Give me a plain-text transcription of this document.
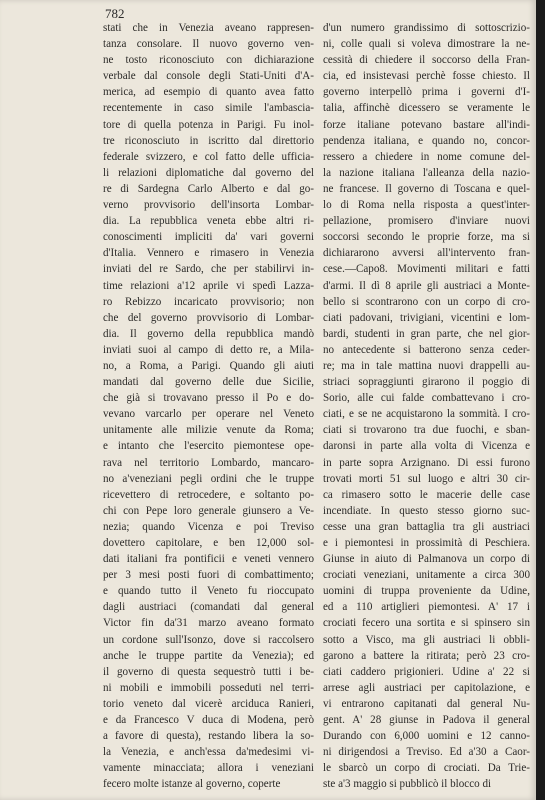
782
stati che in Venezia aveano rappresen-
tanza consolare. Il nuovo governo ven-
ne tosto riconosciuto con dichiarazione
verbale dal console degli Stati-Uniti d'A-
merica, ad esempio di quanto avea fatto
recentemente in caso simile l'ambascia-
tore di quella potenza in Parigi. Fu inol-
tre riconosciuto in iscritto dal direttorio
federale svizzero, e col fatto delle ufficia-
li relazioni diplomatiche dal governo del
re di Sardegna Carlo Alberto e dal go-
verno provvisorio dell'insorta Lombar-
dia. La repubblica veneta ebbe altri ri-
conoscimenti impliciti da' vari governi
d'Italia. Vennero e rimasero in Venezia
inviati del re Sardo, che per stabilirvi in-
time relazioni a'12 aprile vi spedì Lazza-
ro Rebizzo incaricato provvisorio; non
che del governo provvisorio di Lombar-
dia. Il governo della repubblica mandò
inviati suoi al campo di detto re, a Mila-
no, a Roma, a Parigi. Quando gli aiuti
mandati dal governo delle due Sicilie,
che già si trovavano presso il Po e do-
vevano varcarlo per operare nel Veneto
unitamente alle milizie venute da Roma;
e intanto che l'esercito piemontese ope-
rava nel territorio Lombardo, mancaro-
no a'veneziani pegli ordini che le truppe
ricevettero di retrocedere, e soltanto po-
chi con Pepe loro generale giunsero a Ve-
nezia; quando Vicenza e poi Treviso
dovettero capitolare, e ben 12,000 sol-
dati italiani fra pontificii e veneti vennero
per 3 mesi posti fuori di combattimento;
e quando tutto il Veneto fu rioccupato
dagli austriaci (comandati dal general
Victor fin da'31 marzo aveano formato
un cordone sull'Isonzo, dove si raccolsero
anche le truppe partite da Venezia); ed
il governo di questa sequestrò tutti i be-
ni mobili e immobili posseduti nel terri-
torio veneto dal vicerè arciduca Ranieri,
e da Francesco V duca di Modena, però
a favore di questa), restando libera la so-
la Venezia, e anch'essa da'medesimi vi-
vamente minacciata; allora i veneziani
fecero molte istanze al governo, coperte
d'un numero grandissimo di sottoscrizio-
ni, colle quali si voleva dimostrare la ne-
cessità di chiedere il soccorso della Fran-
cia, ed insistevasi perchè fosse chiesto. Il
governo interpellò prima i governi d'I-
talia, affinchè dicessero se veramente le
forze italiane potevano bastare all'indi-
pendenza italiana, e quando no, concor-
ressero a chiedere in nome comune del-
la nazione italiana l'alleanza della nazio-
ne francese. Il governo di Toscana e quel-
lo di Roma nella risposta a quest'inter-
pellazione, promisero d'inviare nuovi
soccorsi secondo le proprie forze, ma si
dichiararono avversi all'intervento fran-
cese.—Capo8. Movimenti militari e fatti
d'armi. Il dì 8 aprile gli austriaci a Monte-
bello si scontrarono con un corpo di cro-
ciati padovani, trivigiani, vicentini e lom-
bardi, studenti in gran parte, che nel gior-
no antecedente si batterono senza ceder-
re; ma in tale mattina nuovi drappelli au-
striaci sopraggiunti girarono il poggio di
Sorio, alle cui falde combattevano i cro-
ciati, e se ne acquistarono la sommità. I cro-
ciati si trovarono tra due fuochi, e sban-
daronsi in parte alla volta di Vicenza e
in parte sopra Arzignano. Di essi furono
trovati morti 51 sul luogo e altri 30 cir-
ca rimasero sotto le macerie delle case
incendiate. In questo stesso giorno suc-
cesse una gran battaglia tra gli austriaci
e i piemontesi in prossimità di Peschiera.
Giunse in aiuto di Palmanova un corpo di
crociati veneziani, unitamente a circa 300
uomini di truppa proveniente da Udine,
ed a 110 artiglieri piemontesi. A' 17 i
crociati fecero una sortita e si spinsero sin
sotto a Visco, ma gli austriaci li obbli-
garono a battere la ritirata; però 23 cro-
ciati caddero prigionieri. Udine a' 22 si
arrese agli austriaci per capitolazione, e
vi entrarono capitanati dal general Nu-
gent. A' 28 giunse in Padova il general
Durando con 6,000 uomini e 12 canno-
ni dirigendosi a Treviso. Ed a'30 a Caor-
le sbarcò un corpo di crociati. Da Trie-
ste a'3 maggio si pubblicò il blocco di
